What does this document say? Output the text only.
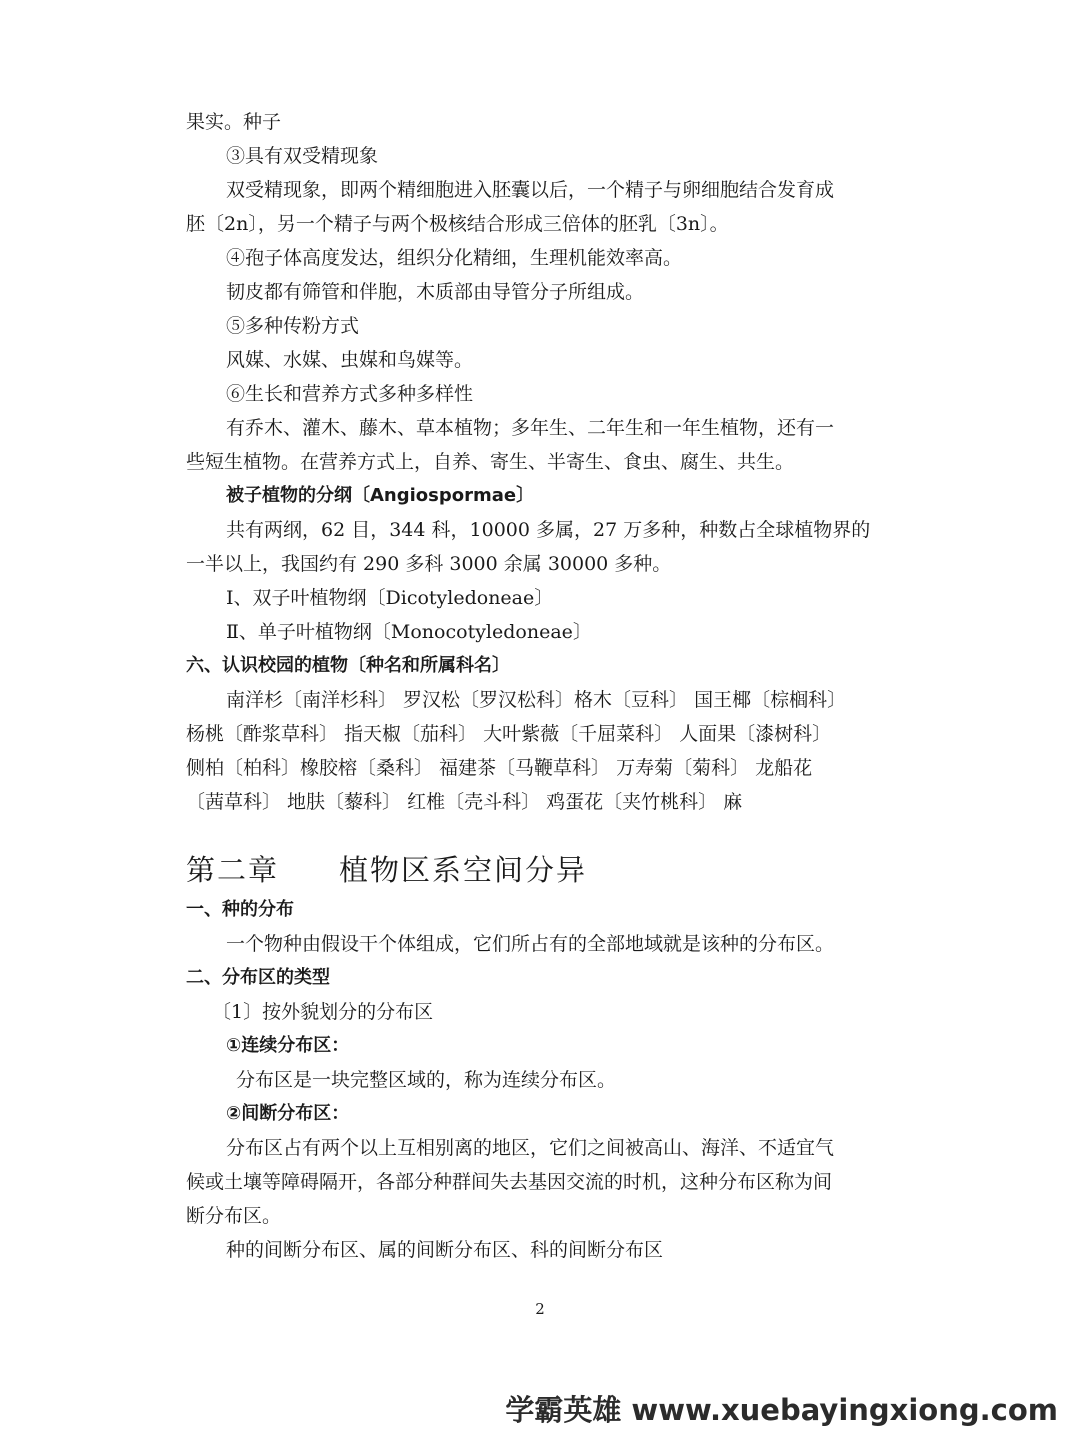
果实。种子
③具有双受精现象
双受精现象，即两个精细胞进入胚囊以后，一个精子与卵细胞结合发育成
胚〔2n〕，另一个精子与两个极核结合形成三倍体的胚乳〔3n〕。
④孢子体高度发达，组织分化精细，生理机能效率高。
韧皮都有筛管和伴胞，木质部由导管分子所组成。
⑤多种传粉方式
风媒、水媒、虫媒和鸟媒等。
⑥生长和营养方式多种多样性
有乔木、灌木、藤木、草本植物；多年生、二年生和一年生植物，还有一
些短生植物。在营养方式上，自养、寄生、半寄生、食虫、腐生、共生。
被子植物的分纲〔Angiospormae〕
共有两纲，62 目，344 科，10000 多属，27 万多种，种数占全球植物界的
一半以上，我国约有 290 多科 3000 余属 30000 多种。
Ⅰ、双子叶植物纲〔Dicotyledoneae〕
Ⅱ、单子叶植物纲〔Monocotyledoneae〕
六、认识校园的植物〔种名和所属科名〕
南洋杉〔南洋杉科〕 罗汉松〔罗汉松科〕格木〔豆科〕 国王椰〔棕榈科〕
杨桃〔酢浆草科〕 指天椒〔茄科〕 大叶紫薇〔千屈菜科〕 人面果〔漆树科〕
侧柏〔柏科〕橡胶榕〔桑科〕 福建茶〔马鞭草科〕 万寿菊〔菊科〕 龙船花
〔茜草科〕 地肤〔藜科〕 红椎〔壳斗科〕 鸡蛋花〔夹竹桃科〕 麻
第二章 植物区系空间分异
一、种的分布
一个物种由假设干个体组成，它们所占有的全部地域就是该种的分布区。
二、分布区的类型
〔1〕按外貌划分的分布区
①连续分布区：
分布区是一块完整区域的，称为连续分布区。
②间断分布区：
分布区占有两个以上互相别离的地区，它们之间被高山、海洋、不适宜气
候或土壤等障碍隔开，各部分种群间失去基因交流的时机，这种分布区称为间
断分布区。
种的间断分布区、属的间断分布区、科的间断分布区
2
学霸英雄 www.xuebayingxiong.com
